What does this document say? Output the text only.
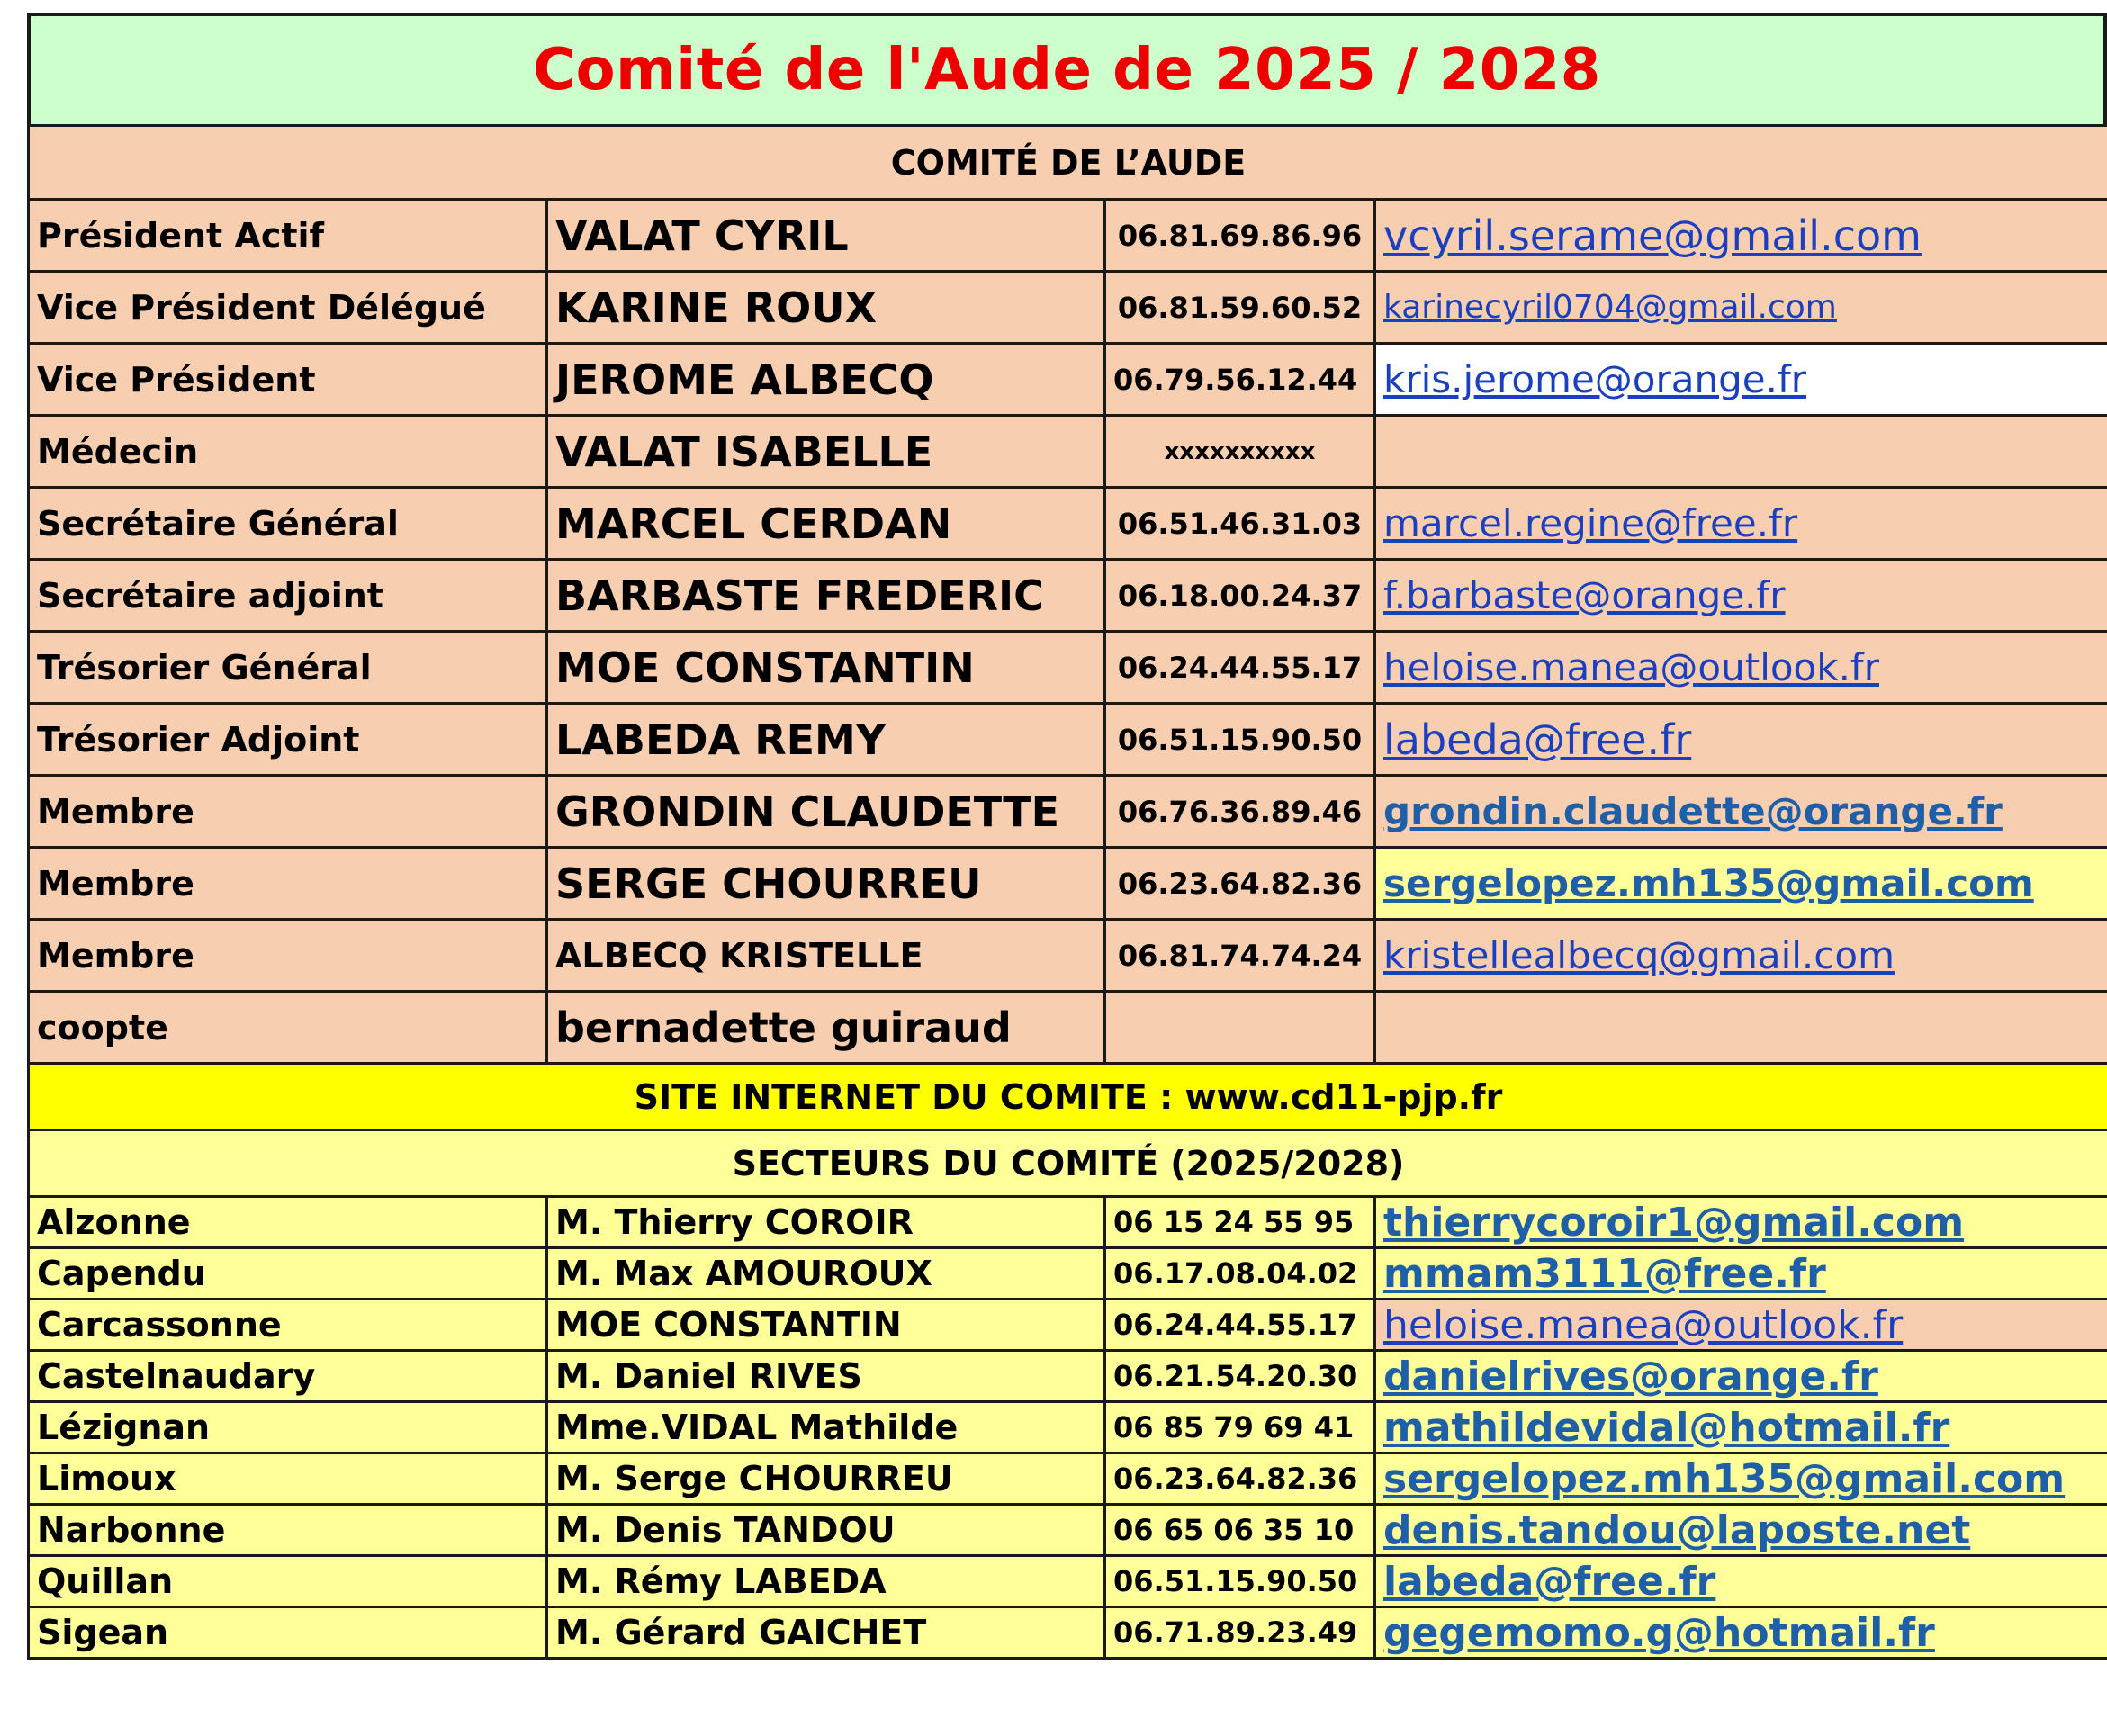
Comité de l'Aude de 2025 / 2028
COMITÉ DE L’AUDE			
Président Actif	VALAT CYRIL	06.81.69.86.96	vcyril.serame@gmail.com
Vice Président Délégué	KARINE ROUX	06.81.59.60.52	karinecyril0704@gmail.com
Vice Président	JEROME ALBECQ	06.79.56.12.44	kris.jerome@orange.fr
Médecin	VALAT ISABELLE	xxxxxxxxxx	
Secrétaire Général	MARCEL CERDAN	06.51.46.31.03	marcel.regine@free.fr
Secrétaire adjoint	BARBASTE FREDERIC	06.18.00.24.37	f.barbaste@orange.fr
Trésorier Général	MOE CONSTANTIN	06.24.44.55.17	heloise.manea@outlook.fr
Trésorier Adjoint	LABEDA REMY	06.51.15.90.50	labeda@free.fr
Membre	GRONDIN CLAUDETTE	06.76.36.89.46	grondin.claudette@orange.fr
Membre	SERGE CHOURREU	06.23.64.82.36	sergelopez.mh135@gmail.com
Membre	ALBECQ KRISTELLE	06.81.74.74.24	kristellealbecq@gmail.com
coopte	bernadette guiraud		
SITE INTERNET DU COMITE : www.cd11-pjp.fr			
SECTEURS DU COMITÉ (2025/2028)			
Alzonne	M. Thierry COROIR	06 15 24 55 95	thierrycoroir1@gmail.com
Capendu	M. Max AMOUROUX	06.17.08.04.02	mmam3111@free.fr
Carcassonne	MOE CONSTANTIN	06.24.44.55.17	heloise.manea@outlook.fr
Castelnaudary	M. Daniel RIVES	06.21.54.20.30	danielrives@orange.fr
Lézignan	Mme.VIDAL Mathilde	06 85 79 69 41	mathildevidal@hotmail.fr
Limoux	M. Serge CHOURREU	06.23.64.82.36	sergelopez.mh135@gmail.com
Narbonne	M. Denis TANDOU	06 65 06 35 10	denis.tandou@laposte.net
Quillan	M. Rémy LABEDA	06.51.15.90.50	labeda@free.fr
Sigean	M. Gérard GAICHET	06.71.89.23.49	gegemomo.g@hotmail.fr
